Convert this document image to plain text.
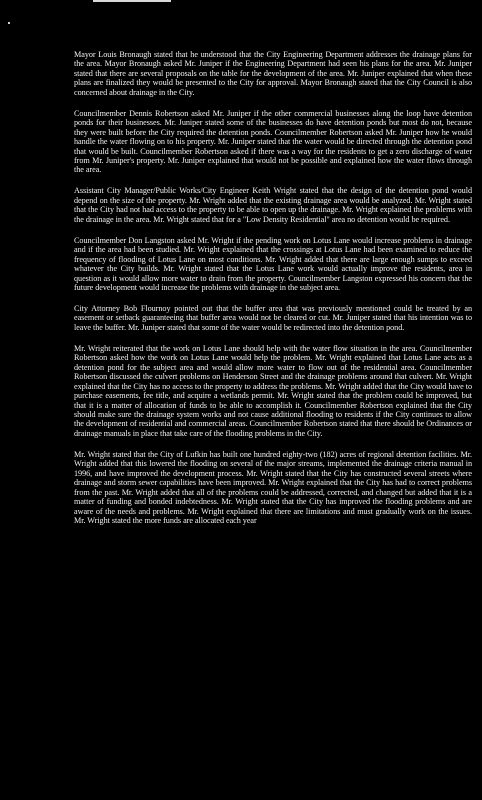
Mayor Louis Bronaugh stated that he understood that the City Engineering Department addresses the drainage plans for the area. Mayor Bronaugh asked Mr. Juniper if the Engineering Department had seen his plans for the area. Mr. Juniper stated that there are several proposals on the table for the development of the area. Mr. Juniper explained that when these plans are finalized they would be presented to the City for approval. Mayor Bronaugh stated that the City Council is also concerned about drainage in the City.

Councilmember Dennis Robertson asked Mr. Juniper if the other commercial businesses along the loop have detention ponds for their businesses. Mr. Juniper stated some of the businesses do have detention ponds but most do not, because they were built before the City required the detention ponds. Councilmember Robertson asked Mr. Juniper how he would handle the water flowing on to his property. Mr. Juniper stated that the water would be directed through the detention pond that would be built. Councilmember Robertson asked if there was a way for the residents to get a zero discharge of water from Mr. Juniper's property. Mr. Juniper explained that would not be possible and explained how the water flows through the area.

Assistant City Manager/Public Works/City Engineer Keith Wright stated that the design of the detention pond would depend on the size of the property. Mr. Wright added that the existing drainage area would be analyzed. Mr. Wright stated that the City had not had access to the property to be able to open up the drainage. Mr. Wright explained the problems with the drainage in the area. Mr. Wright stated that for a "Low Density Residential" area no detention would be required.

Councilmember Don Langston asked Mr. Wright if the pending work on Lotus Lane would increase problems in drainage and if the area had been studied. Mr. Wright explained that the crossings at Lotus Lane had been examined to reduce the frequency of flooding of Lotus Lane on most conditions. Mr. Wright added that there are large enough sumps to exceed whatever the City builds. Mr. Wright stated that the Lotus Lane work would actually improve the residents, area in question as it would allow more water to drain from the property. Councilmember Langston expressed his concern that the future development would increase the problems with drainage in the subject area.

City Attorney Bob Flournoy pointed out that the buffer area that was previously mentioned could be treated by an easement or setback guaranteeing that buffer area would not be cleared or cut. Mr. Juniper stated that his intention was to leave the buffer. Mr. Juniper stated that some of the water would be redirected into the detention pond.

Mr. Wright reiterated that the work on Lotus Lane should help with the water flow situation in the area. Councilmember Robertson asked how the work on Lotus Lane would help the problem. Mr. Wright explained that Lotus Lane acts as a detention pond for the subject area and would allow more water to flow out of the residential area. Councilmember Robertson discussed the culvert problems on Henderson Street and the drainage problems around that culvert. Mr. Wright explained that the City has no access to the property to address the problems. Mr. Wright added that the City would have to purchase easements, fee title, and acquire a wetlands permit. Mr. Wright stated that the problem could be improved, but that it is a matter of allocation of funds to be able to accomplish it. Councilmember Robertson explained that the City should make sure the drainage system works and not cause additional flooding to residents if the City continues to allow the development of residential and commercial areas. Councilmember Robertson stated that there should be Ordinances or drainage manuals in place that take care of the flooding problems in the City.

Mr. Wright stated that the City of Lufkin has built one hundred eighty-two (182) acres of regional detention facilities. Mr. Wright added that this lowered the flooding on several of the major streams, implemented the drainage criteria manual in 1996, and have improved the development process. Mr. Wright stated that the City has constructed several streets where drainage and storm sewer capabilities have been improved. Mr. Wright explained that the City has had to correct problems from the past. Mr. Wright added that all of the problems could be addressed, corrected, and changed but added that it is a matter of funding and bonded indebtedness. Mr. Wright stated that the City has improved the flooding problems and are aware of the needs and problems. Mr. Wright explained that there are limitations and must gradually work on the issues. Mr. Wright stated the more funds are allocated each year
